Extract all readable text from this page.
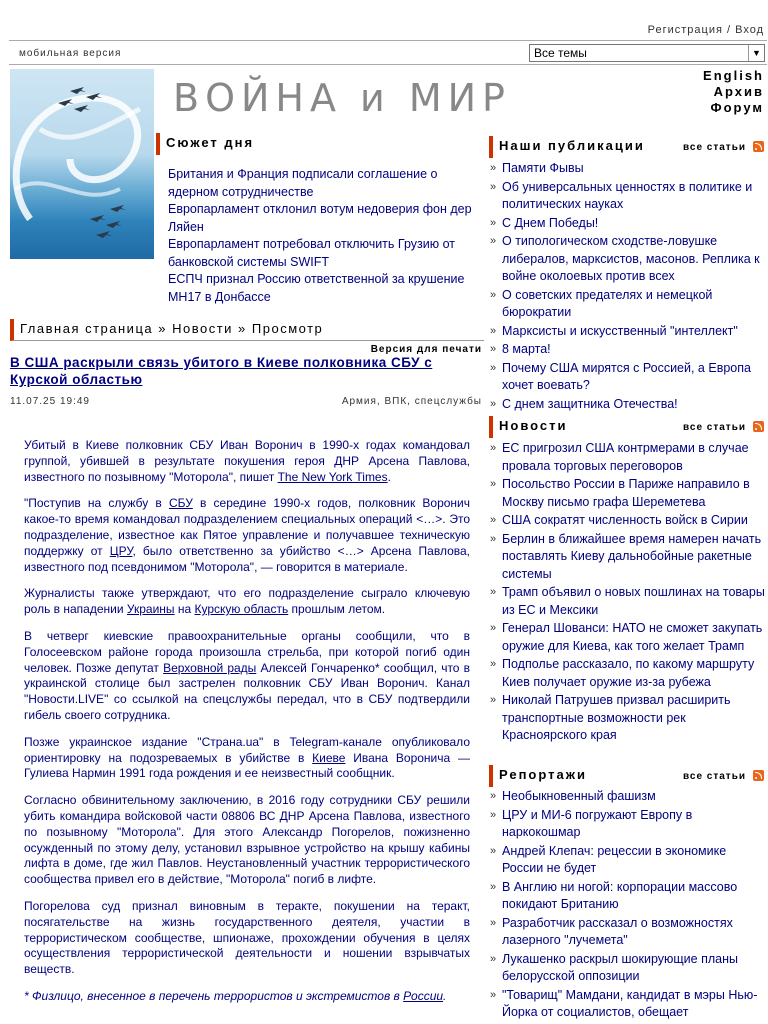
Регистрация / Вход
мобильная версия	Все темы	▼
ВОЙНА и МИР
English
Архив
Форум
Сюжет дня
Британия и Франция подписали соглашение о ядерном сотрудничестве
Европарламент отклонил вотум недоверия фон дер Ляйен
Европарламент потребовал отключить Грузию от банковской системы SWIFT
ЕСПЧ признал Россию ответственной за крушение MH17 в Донбассе
Главная страница » Новости » Просмотр
Версия для печати
В США раскрыли связь убитого в Киеве полковника СБУ с Курской областью
11.07.25 19:49	Армия, ВПК, спецслужбы

Убитый в Киеве полковник СБУ Иван Воронич в 1990-х годах командовал группой, убившей в результате покушения героя ДНР Арсена Павлова, известного по позывному "Моторола", пишет The New York Times.

"Поступив на службу в СБУ в середине 1990-х годов, полковник Воронич какое-то время командовал подразделением специальных операций <…>. Это подразделение, известное как Пятое управление и получавшее техническую поддержку от ЦРУ, было ответственно за убийство <…> Арсена Павлова, известного под псевдонимом "Моторола", — говорится в материале.

Журналисты также утверждают, что его подразделение сыграло ключевую роль в нападении Украины на Курскую область прошлым летом.

В четверг киевские правоохранительные органы сообщили, что в Голосеевском районе города произошла стрельба, при которой погиб один человек. Позже депутат Верховной рады Алексей Гончаренко* сообщил, что в украинской столице был застрелен полковник СБУ Иван Воронич. Канал "Новости.LIVE" со ссылкой на спецслужбы передал, что в СБУ подтвердили гибель своего сотрудника.

Позже украинское издание "Страна.ua" в Telegram-канале опубликовало ориентировку на подозреваемых в убийстве в Киеве Ивана Воронича — Гулиева Нармин 1991 года рождения и ее неизвестный сообщник.

Согласно обвинительному заключению, в 2016 году сотрудники СБУ решили убить командира войсковой части 08806 ВС ДНР Арсена Павлова, известного по позывному "Моторола". Для этого Александр Погорелов, пожизненно осужденный по этому делу, установил взрывное устройство на крышу кабины лифта в доме, где жил Павлов. Неустановленный участник террористического сообщества привел его в действие, "Моторола" погиб в лифте.

Погорелова суд признал виновным в теракте, покушении на теракт, посягательстве на жизнь государственного деятеля, участии в террористическом сообществе, шпионаже, прохождении обучения в целях осуществления террористической деятельности и ношении взрывчатых веществ.

* Физлицо, внесенное в перечень террористов и экстремистов в России.

Наши публикации	все статьи
» Памяти Фывы
» Об универсальных ценностях в политике и политических науках
» С Днем Победы!
» О типологическом сходстве-ловушке либералов, марксистов, масонов. Реплика к войне околоевых против всех
» О советских предателях и немецкой бюрократии
» Марксисты и искусственный "интеллект"
» 8 марта!
» Почему США мирятся с Россией, а Европа хочет воевать?
» С днем защитника Отечества!
Новости	все статьи
» ЕС пригрозил США контрмерами в случае провала торговых переговоров
» Посольство России в Париже направило в Москву письмо графа Шереметева
» США сократят численность войск в Сирии
» Берлин в ближайшее время намерен начать поставлять Киеву дальнобойные ракетные системы
» Трамп объявил о новых пошлинах на товары из ЕС и Мексики
» Генерал Шованси: НАТО не сможет закупать оружие для Киева, как того желает Трамп
» Подполье рассказало, по какому маршруту Киев получает оружие из-за рубежа
» Николай Патрушев призвал расширить транспортные возможности рек Красноярского края
Репортажи	все статьи
» Необыкновенный фашизм
» ЦРУ и МИ-6 погружают Европу в наркокошмар
» Андрей Клепач: рецессии в экономике России не будет
» В Англию ни ногой: корпорации массово покидают Британию
» Разработчик рассказал о возможностях лазерного "лучемета"
» Лукашенко раскрыл шокирующие планы белорусской оппозиции
» "Товарищ" Мамдани, кандидат в мэры Нью-Йорка от социалистов, обещает
